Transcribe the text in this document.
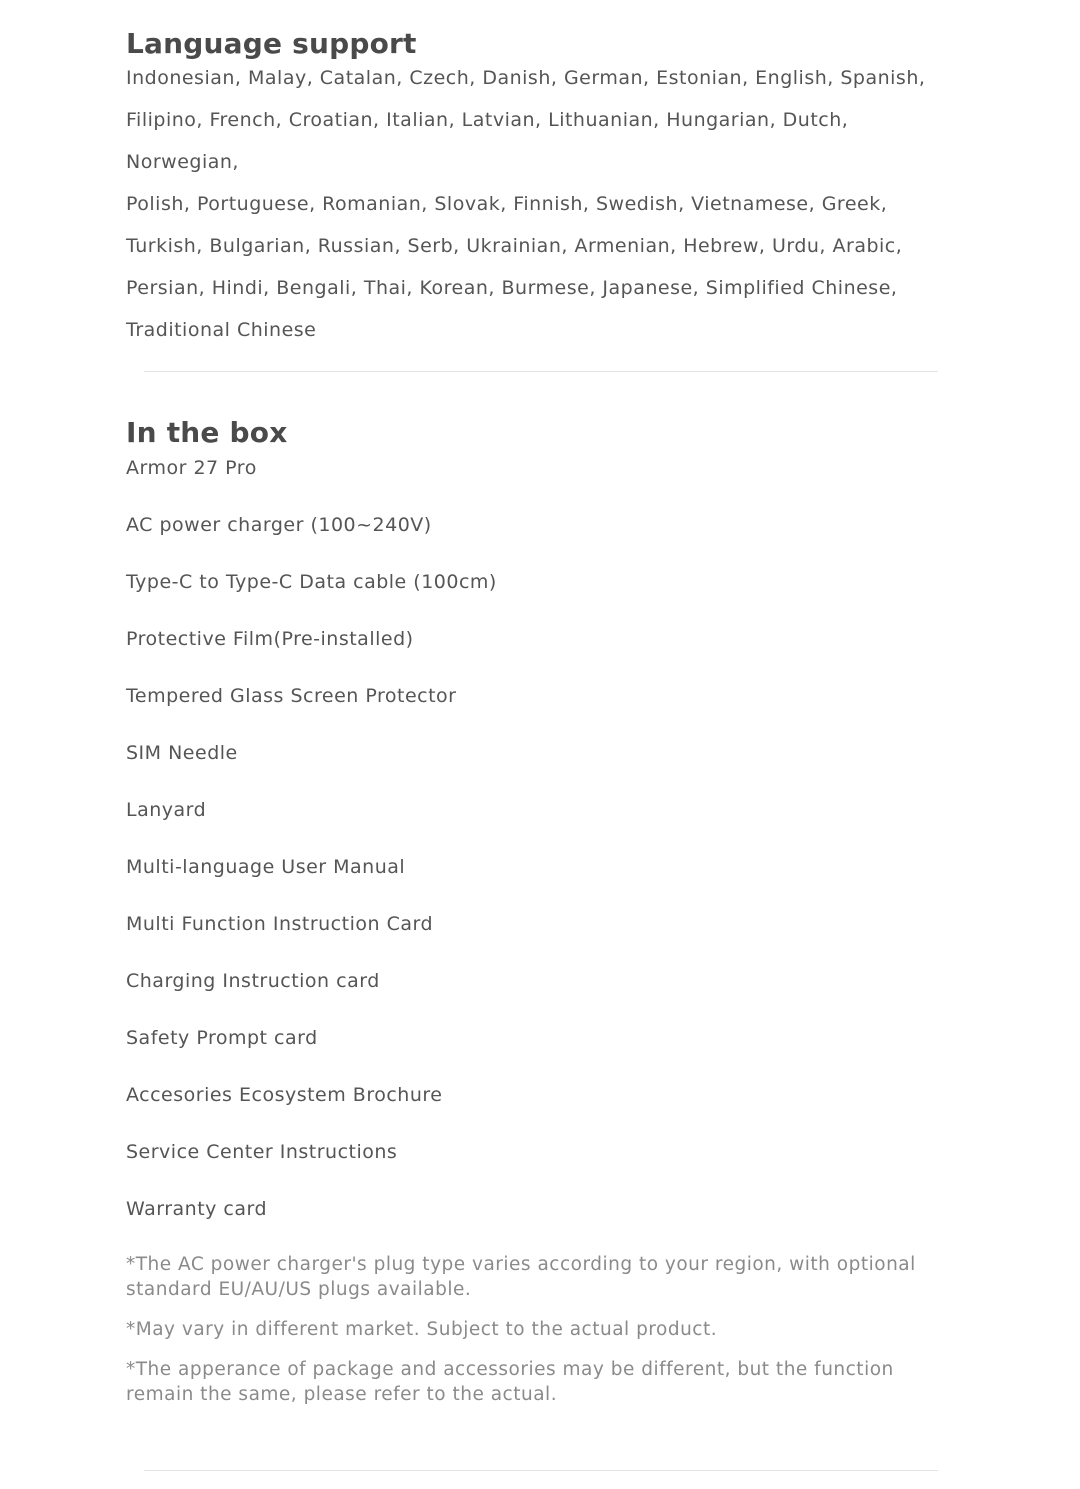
Language support

Indonesian, Malay, Catalan, Czech, Danish, German, Estonian, English, Spanish,
Filipino, French, Croatian, Italian, Latvian, Lithuanian, Hungarian, Dutch, Norwegian,
Polish, Portuguese, Romanian, Slovak, Finnish, Swedish, Vietnamese, Greek,
Turkish, Bulgarian, Russian, Serb, Ukrainian, Armenian, Hebrew, Urdu, Arabic,
Persian, Hindi, Bengali, Thai, Korean, Burmese, Japanese, Simplified Chinese,
Traditional Chinese

In the box
Armor 27 Pro
AC power charger (100~240V)
Type-C to Type-C Data cable (100cm)
Protective Film(Pre-installed)
Tempered Glass Screen Protector
SIM Needle
Lanyard
Multi-language User Manual
Multi Function Instruction Card
Charging Instruction card
Safety Prompt card
Accesories Ecosystem Brochure
Service Center Instructions
Warranty card

*The AC power charger's plug type varies according to your region, with optional standard EU/AU/US plugs available.

*May vary in different market. Subject to the actual product.

*The apperance of package and accessories may be different, but the function remain the same, please refer to the actual.
